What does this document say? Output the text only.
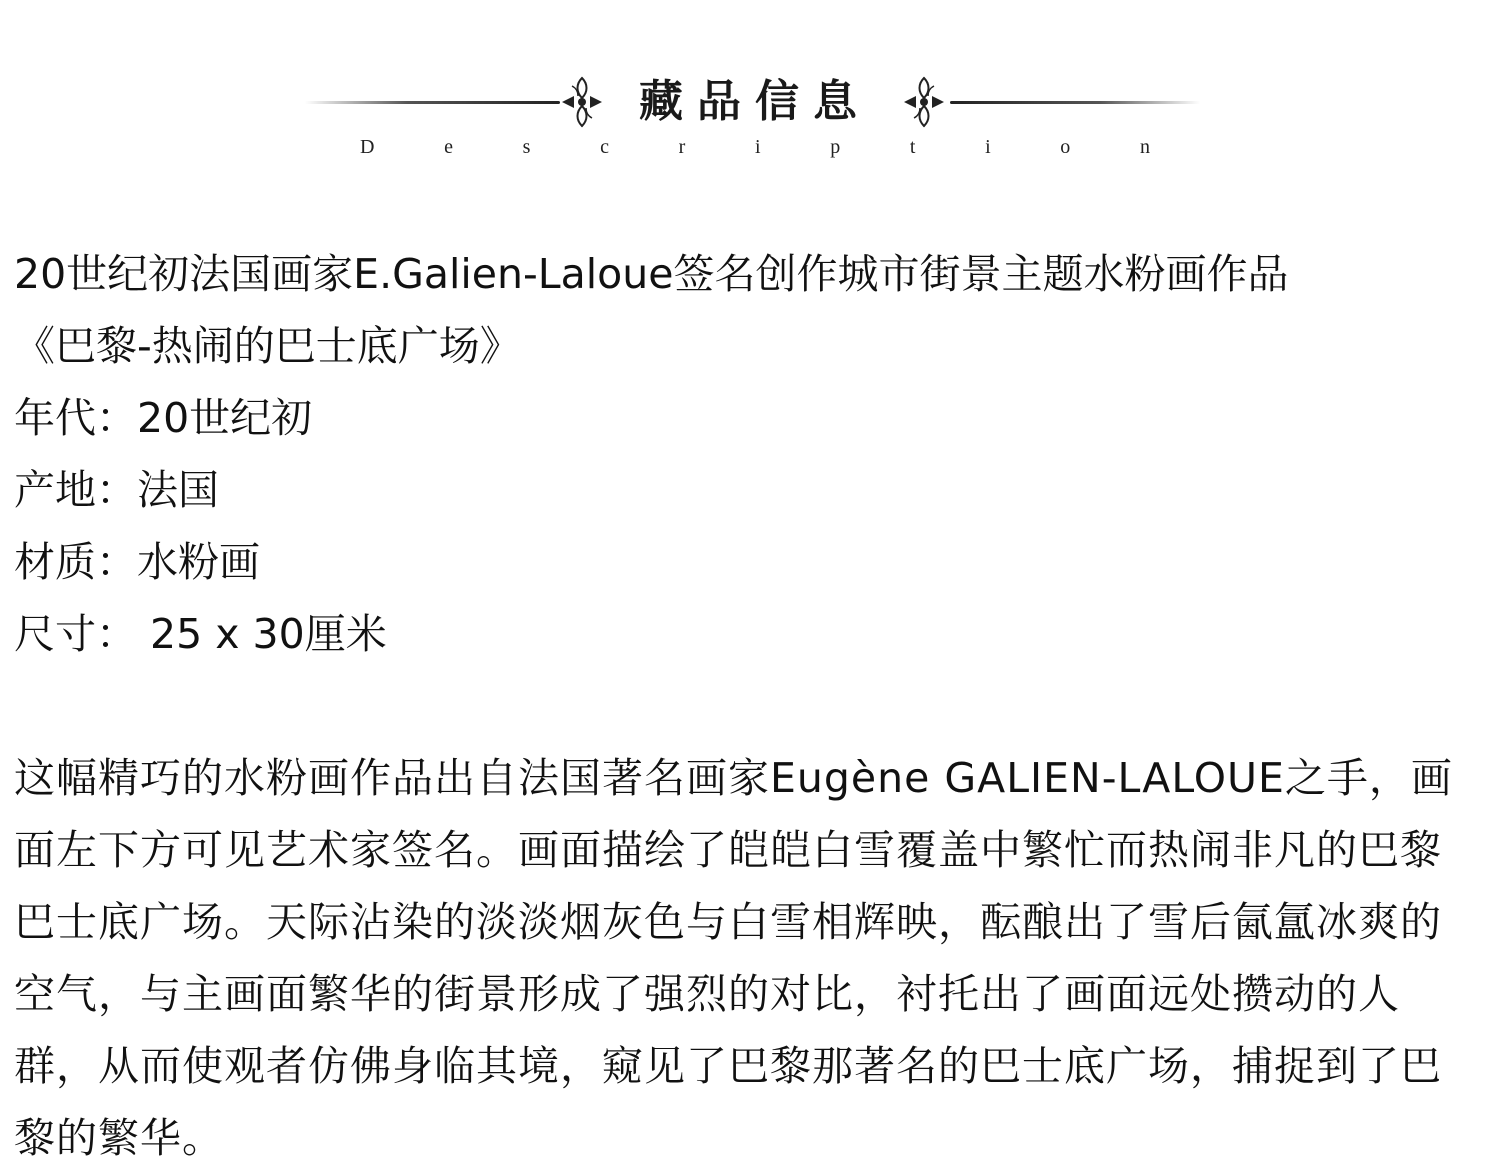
藏品信息
D	e	s	c	r	i	p	t	i	o	n

20世纪初法国画家E.Galien-Laloue签名创作城市街景主题水粉画作品

《巴黎-热闹的巴士底广场》

年代：20世纪初

产地：法国

材质：水粉画

尺寸： 25 x 30厘米

这幅精巧的水粉画作品出自法国著名画家Eugène GALIEN-LALOUE之手，画面左下方可见艺术家签名。画面描绘了皑皑白雪覆盖中繁忙而热闹非凡的巴黎巴士底广场。天际沾染的淡淡烟灰色与白雪相辉映，酝酿出了雪后氤氲冰爽的空气，与主画面繁华的街景形成了强烈的对比，衬托出了画面远处攒动的人群，从而使观者仿佛身临其境，窥见了巴黎那著名的巴士底广场，捕捉到了巴黎的繁华。
